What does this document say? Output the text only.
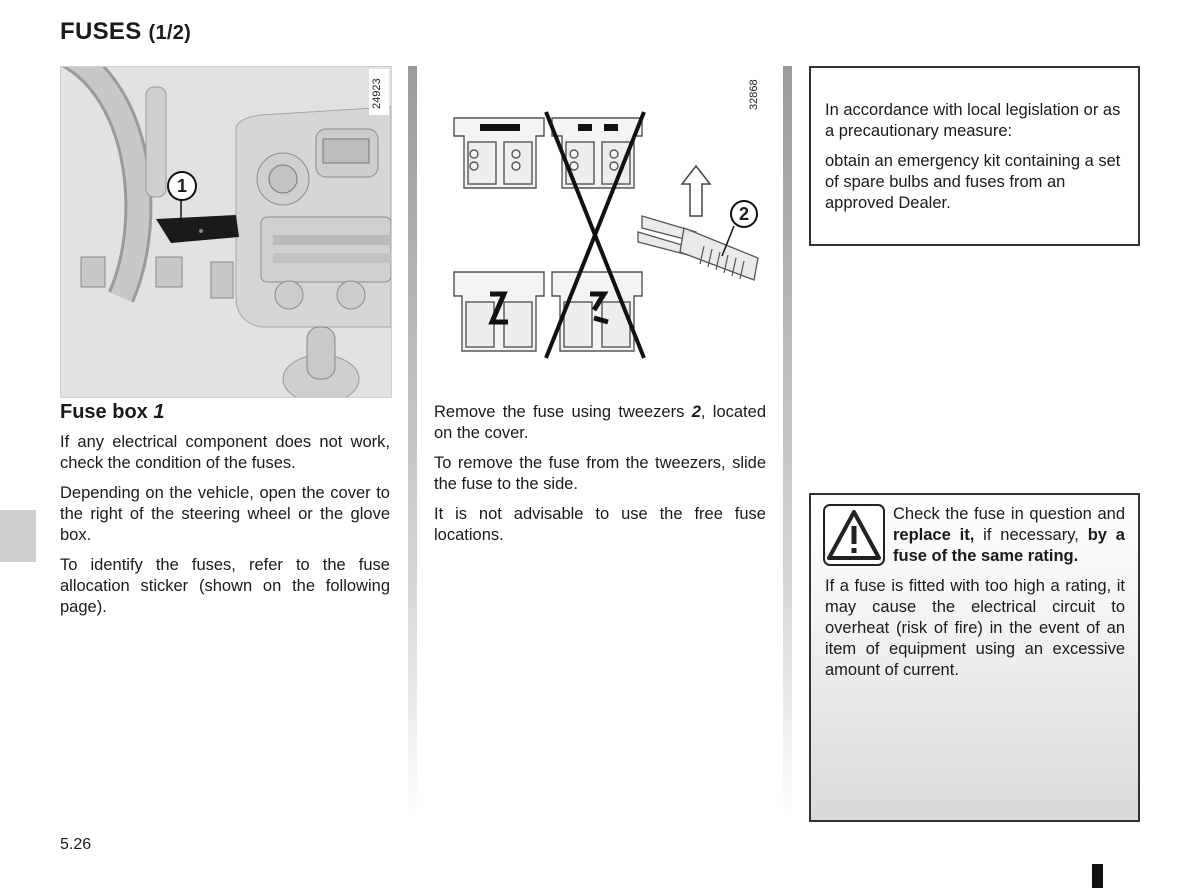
FUSES (1/2)
1
24923
2
32868
Fuse box 1

If any electrical component does not work, check the condition of the fuses.

Depending on the vehicle, open the cover to the right of the steering wheel or the glove box.

To identify the fuses, refer to the fuse allocation sticker (shown on the following page).

Remove the fuse using tweezers 2, located on the cover.

To remove the fuse from the tweezers, slide the fuse to the side.

It is not advisable to use the free fuse locations.

In accordance with local legislation or as a precautionary measure:

obtain an emergency kit containing a set of spare bulbs and fuses from an approved Dealer.

Check the fuse in question and replace it, if necessary, by a fuse of the same rating.

If a fuse is fitted with too high a rating, it may cause the electrical circuit to overheat (risk of fire) in the event of an item of equipment using an excessive amount of current.

5.26
